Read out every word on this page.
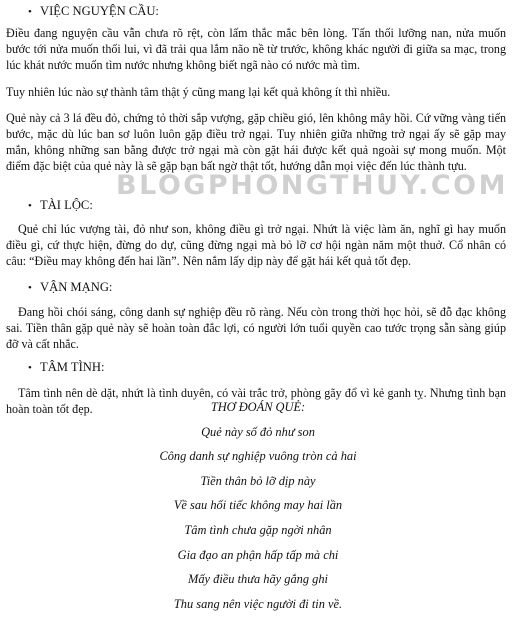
• VIỆC NGUYỆN CẦU:
Điều đang nguyện cầu vẫn chưa rõ rệt, còn lấm thắc mắc bên lòng. Tấn thối lưỡng nan, nửa muốn bước tới nửa muốn thối lui, vì đã trải qua lắm não nề từ trước, không khác người đi giữa sa mạc, trong lúc khát nước muốn tìm nước nhưng không biết ngã nào có nước mà tìm.
Tuy nhiên lúc nào sự thành tâm thật ý cũng mang lại kết quả không ít thì nhiều.
Quẻ này cả 3 lá đều đỏ, chứng tỏ thời sắp vượng, gặp chiều gió, lên không mây hồi. Cứ vững vàng tiến bước, mặc dù lúc ban sơ luôn luôn gặp điều trở ngại. Tuy nhiên giữa những trở ngại ấy sẽ gặp may mắn, không những san bằng được trở ngại mà còn gặt hái được kết quả ngoài sự mong muốn. Một điểm đặc biệt của quẻ này là sẽ gặp bạn bất ngờ thật tốt, hướng dẫn mọi việc đến lúc thành tựu.
• TÀI LỘC:
Quẻ chỉ lúc vượng tài, đỏ như son, không điều gì trở ngại. Nhứt là việc làm ăn, nghĩ gì hay muốn điều gì, cứ thực hiện, đừng do dự, cũng đừng ngại mà bỏ lỡ cơ hội ngàn năm một thuở. Cổ nhân có câu: “Điều may không đến hai lần”. Nên nắm lấy dịp này để gặt hái kết quả tốt đẹp.
• VẬN MẠNG:
Đang hồi chói sáng, công danh sự nghiệp đều rõ ràng. Nếu còn trong thời học hỏi, sẽ đỗ đạc không sai. Tiền thân gặp quẻ này sẽ hoàn toàn đắc lợi, có người lớn tuổi quyền cao tước trọng sẵn sàng giúp đỡ và cất nhắc.
• TÂM TÌNH:
Tâm tình nên dè dặt, nhứt là tình duyên, có vài trắc trở, phòng gãy đổ vì kẻ ganh tỵ. Nhưng tình bạn hoàn toàn tốt đẹp.	THƠ ĐOÁN QUẺ:
Quẻ này số đỏ như son
Công danh sự nghiệp vuông tròn cả hai
Tiền thân bỏ lỡ dịp này
Về sau hối tiếc không may hai lần
Tâm tình chưa gặp ngời nhân
Gia đạo an phận hấp tấp mà chi
Mấy điều thưa hãy gắng ghi
Thu sang nên việc người đi tin về.
BLOGPHONGTHUY.COM
